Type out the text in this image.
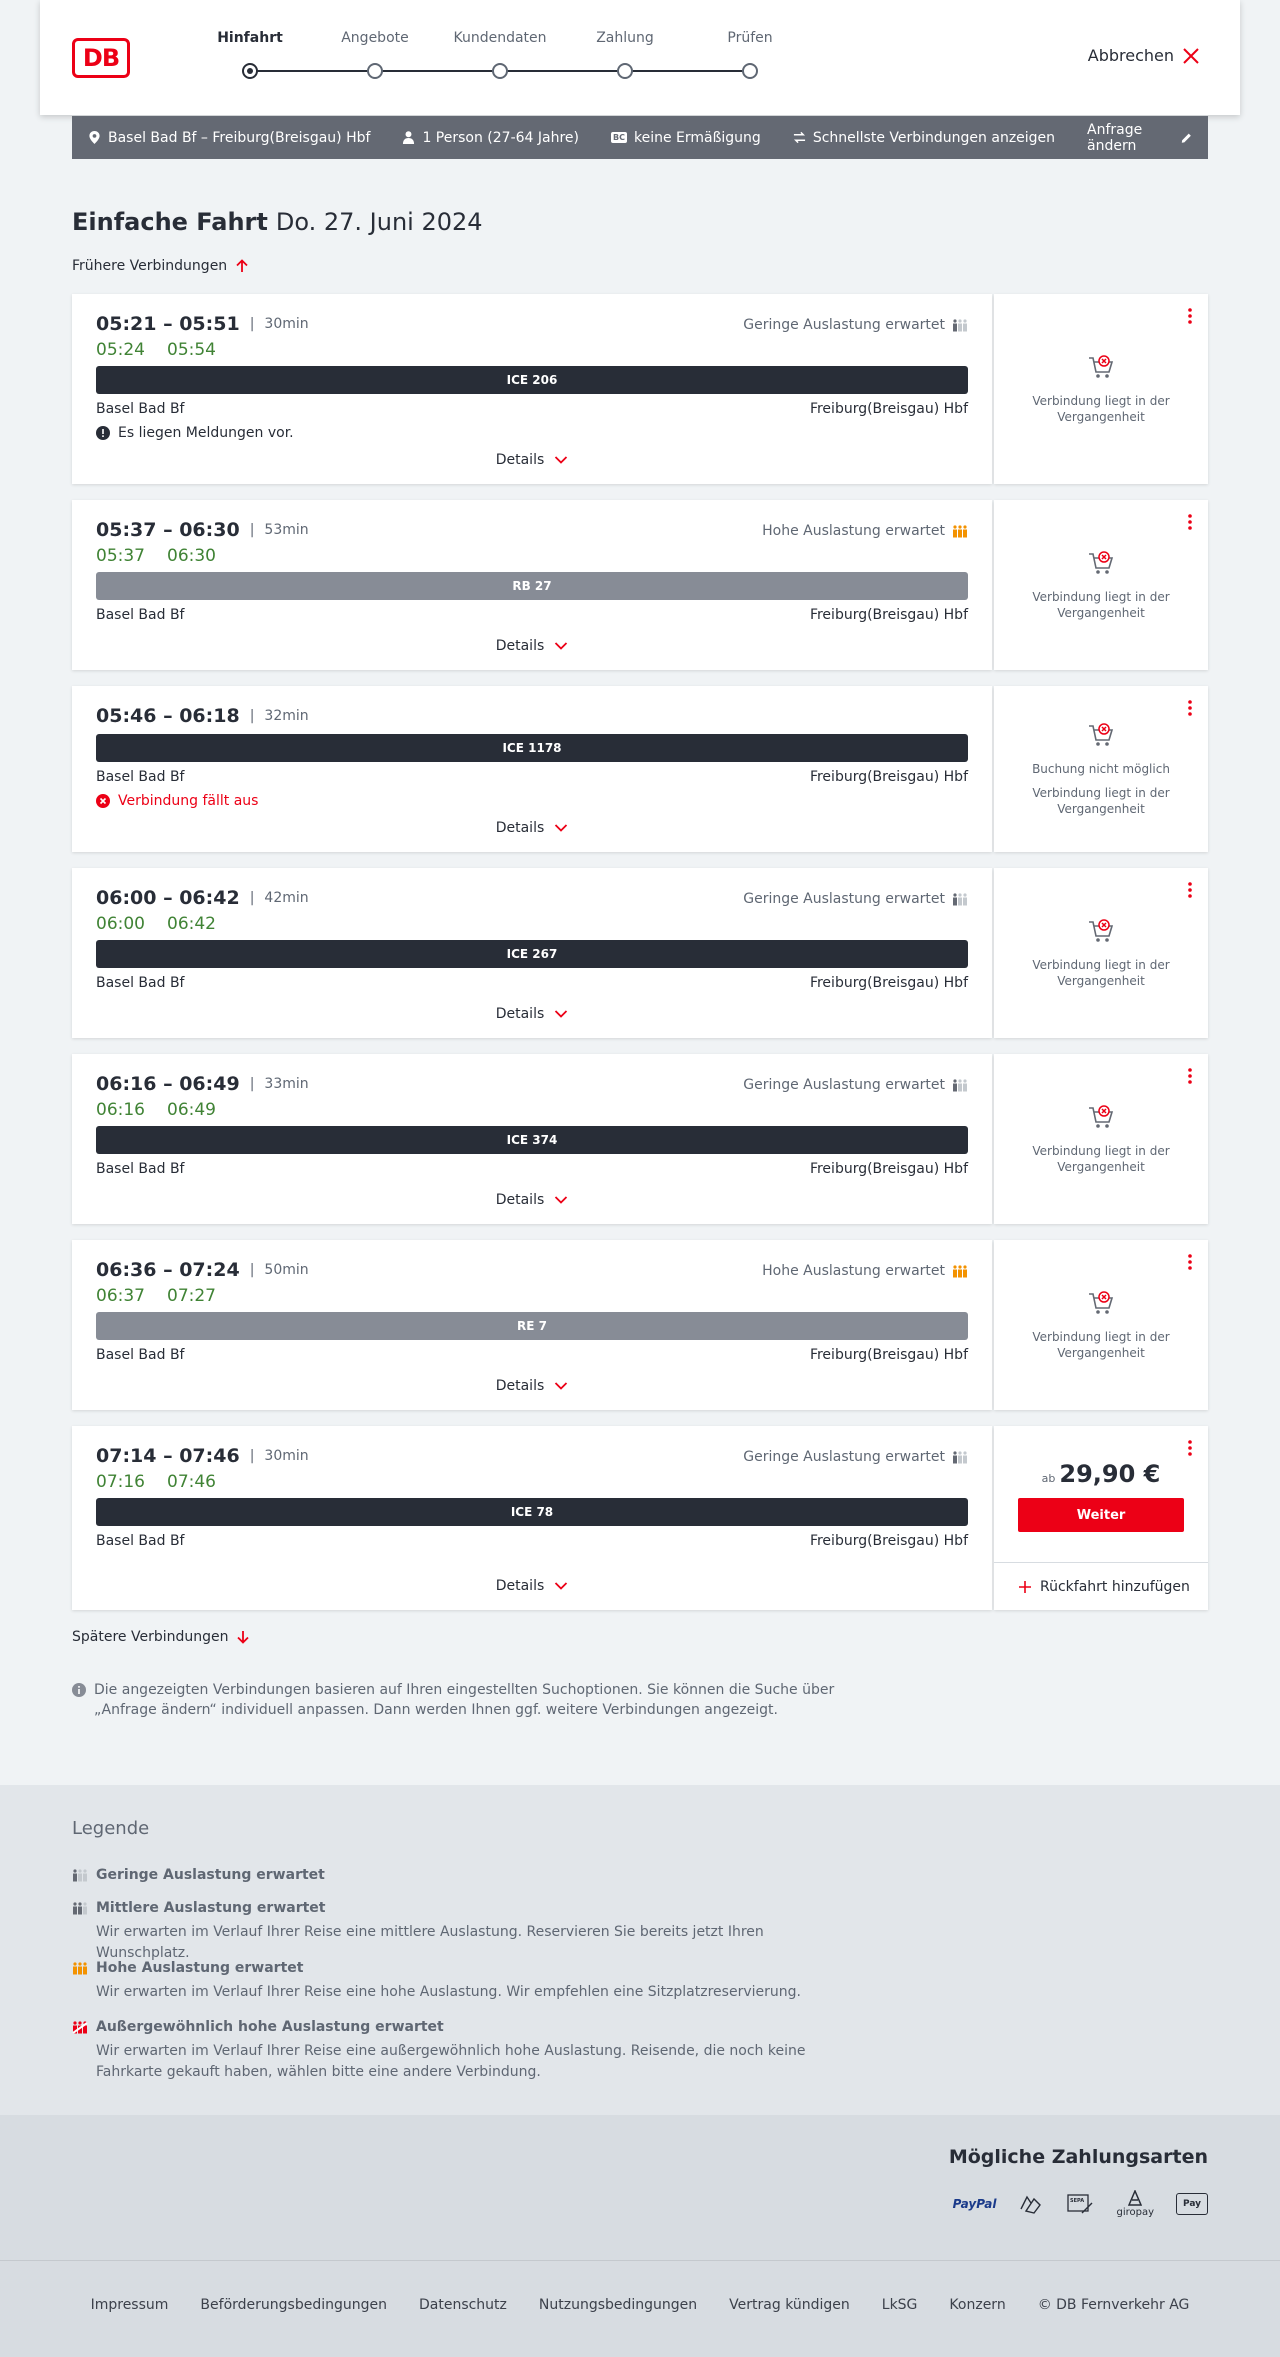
DB
Hinfahrt	Angebote	Kundendaten	Zahlung	Prüfen
Abbrechen
Basel Bad Bf – Freiburg(Breisgau) Hbf	1 Person (27-64 Jahre)	BC keine Ermäßigung	Schnellste Verbindungen anzeigen Anfrage ändern
Einfache Fahrt Do. 27. Juni 2024
Frühere Verbindungen
05:21 – 05:51 | 30min
05:24 05:54
Geringe Auslastung erwartet
ICE 206
Basel Bad Bf	Freiburg(Breisgau) Hbf
Es liegen Meldungen vor.
Details
Verbindung liegt in der Vergangenheit
05:37 – 06:30 | 53min
05:37 06:30
Hohe Auslastung erwartet
RB 27
Basel Bad Bf	Freiburg(Breisgau) Hbf
Details
Verbindung liegt in der Vergangenheit
05:46 – 06:18 | 32min
ICE 1178
Basel Bad Bf	Freiburg(Breisgau) Hbf
Verbindung fällt aus
Details
Buchung nicht möglich
Verbindung liegt in der Vergangenheit
06:00 – 06:42 | 42min
06:00 06:42
Geringe Auslastung erwartet
ICE 267
Basel Bad Bf	Freiburg(Breisgau) Hbf
Details
Verbindung liegt in der Vergangenheit
06:16 – 06:49 | 33min
06:16 06:49
Geringe Auslastung erwartet
ICE 374
Basel Bad Bf	Freiburg(Breisgau) Hbf
Details
Verbindung liegt in der Vergangenheit
06:36 – 07:24 | 50min
06:37 07:27
Hohe Auslastung erwartet
RE 7
Basel Bad Bf	Freiburg(Breisgau) Hbf
Details
Verbindung liegt in der Vergangenheit
07:14 – 07:46 | 30min
07:16 07:46
Geringe Auslastung erwartet
ICE 78
Basel Bad Bf	Freiburg(Breisgau) Hbf
Details
ab 29,90 €
Weiter
Rückfahrt hinzufügen
Spätere Verbindungen
Die angezeigten Verbindungen basieren auf Ihren eingestellten Suchoptionen. Sie können die Suche über „Anfrage ändern“ individuell anpassen. Dann werden Ihnen ggf. weitere Verbindungen angezeigt.
Legende
Geringe Auslastung erwartet
Mittlere Auslastung erwartet
Wir erwarten im Verlauf Ihrer Reise eine mittlere Auslastung. Reservieren Sie bereits jetzt Ihren Wunschplatz.
Hohe Auslastung erwartet
Wir erwarten im Verlauf Ihrer Reise eine hohe Auslastung. Wir empfehlen eine Sitzplatzreservierung.
Außergewöhnlich hohe Auslastung erwartet
Wir erwarten im Verlauf Ihrer Reise eine außergewöhnlich hohe Auslastung. Reisende, die noch keine Fahrkarte gekauft haben, wählen bitte eine andere Verbindung.
Mögliche Zahlungsarten
PayPal	SEPA
giropay
Pay
Impressum Beförderungsbedingungen Datenschutz Nutzungsbedingungen Vertrag kündigen LkSG Konzern © DB Fernverkehr AG
